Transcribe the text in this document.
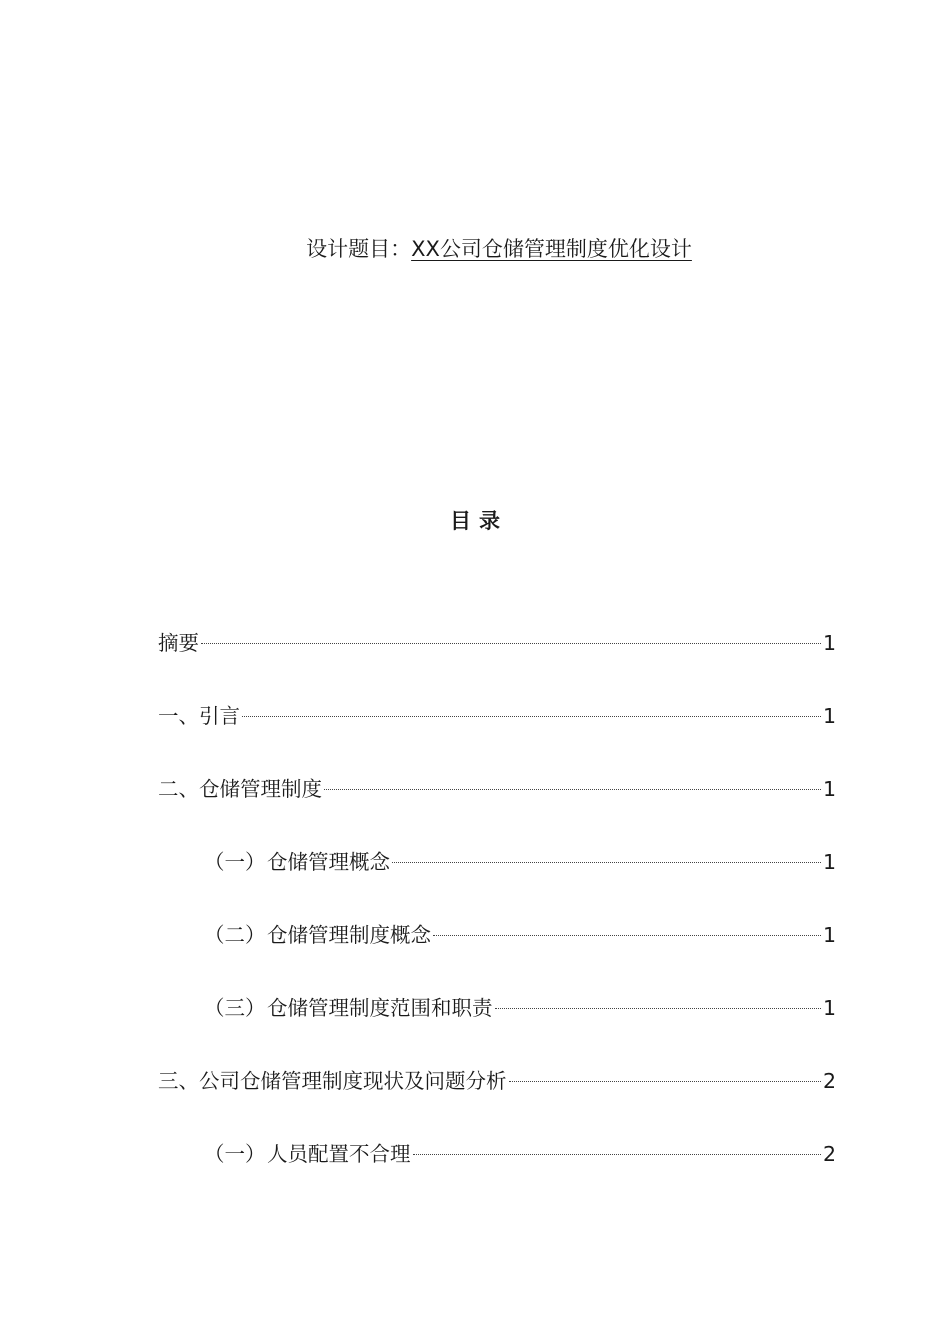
设计题目：XX公司仓储管理制度优化设计
目 录
摘要	1
一、 引言	1
二、 仓储管理制度	1
（一） 仓储管理概念	1
（二） 仓储管理制度概念	1
（三） 仓储管理制度范围和职责	1
三、 公司仓储管理制度现状及问题分析	2
（一） 人员配置不合理	2
